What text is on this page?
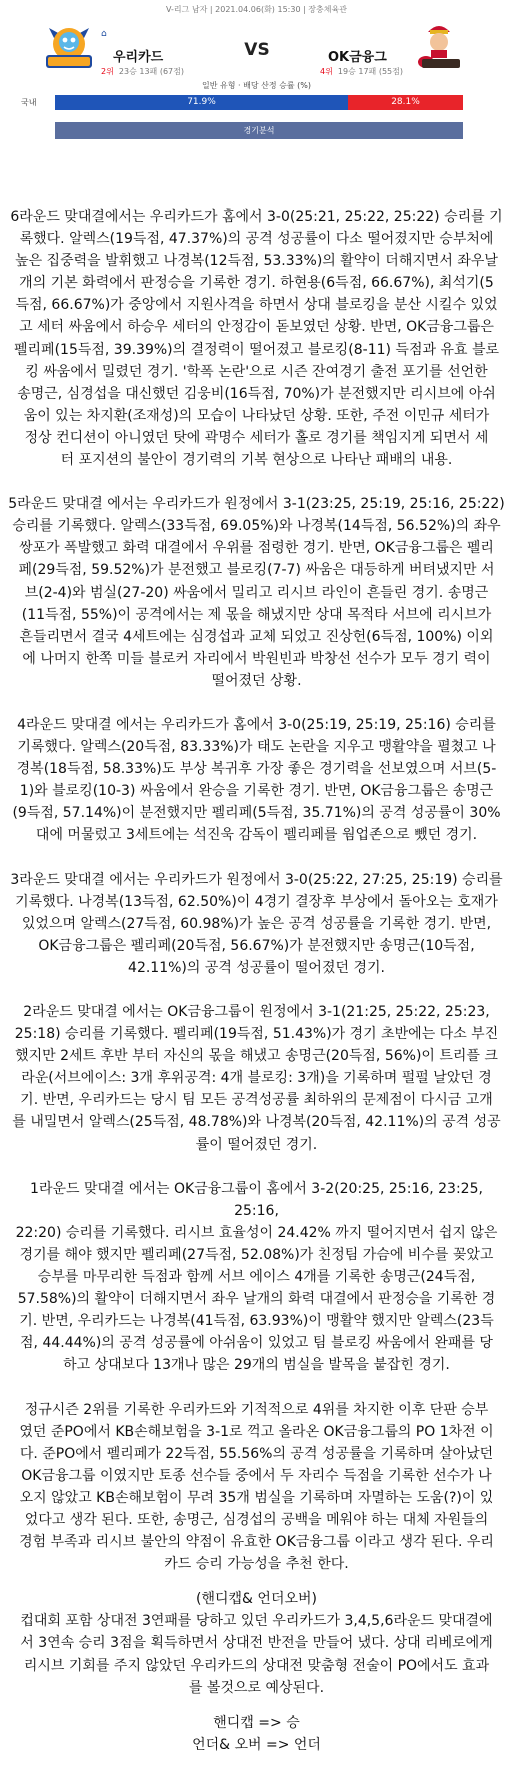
V-리그 남자 | 2021.04.06(화) 15:30 | 장충체육관
⌂
우리카드
2위 23승 13패 (67점)
VS	OK금융그
4위 19승 17패 (55점)
일반 유형 · 배당 산정 승률 (%)
국내	71.9%	28.1%
경기분석

6라운드 맞대결에서는 우리카드가 홈에서 3-0(25:21, 25:22, 25:22) 승리를 기
록했다. 알렉스(19득점, 47.37%)의 공격 성공률이 다소 떨어졌지만 승부처에
높은 집중력을 발휘했고 나경복(12득점, 53.33%)의 활약이 더해지면서 좌우날
개의 기본 화력에서 판정승을 기록한 경기. 하현용(6득점, 66.67%), 최석기(5
득점, 66.67%)가 중앙에서 지원사격을 하면서 상대 블로킹을 분산 시킬수 있었
고 세터 싸움에서 하승우 세터의 안정감이 돋보였던 상황. 반면, OK금융그룹은
펠리페(15득점, 39.39%)의 결정력이 떨어졌고 블로킹(8-11) 득점과 유효 블로
킹 싸움에서 밀렸던 경기. '학폭 논란'으로 시즌 잔여경기 출전 포기를 선언한
송명근, 심경섭을 대신했던 김웅비(16득점, 70%)가 분전했지만 리시브에 아쉬
움이 있는 차지환(조재성)의 모습이 나타났던 상황. 또한, 주전 이민규 세터가
정상 컨디션이 아니였던 탓에 곽명수 세터가 홀로 경기를 책임지게 되면서 세
터 포지션의 불안이 경기력의 기복 현상으로 나타난 패배의 내용.

5라운드 맞대결 에서는 우리카드가 원정에서 3-1(23:25, 25:19, 25:16, 25:22)
승리를 기록했다. 알렉스(33득점, 69.05%)와 나경복(14득점, 56.52%)의 좌우
쌍포가 폭발했고 화력 대결에서 우위를 점령한 경기. 반면, OK금융그룹은 펠리
페(29득점, 59.52%)가 분전했고 블로킹(7-7) 싸움은 대등하게 버텨냈지만 서
브(2-4)와 범실(27-20) 싸움에서 밀리고 리시브 라인이 흔들린 경기. 송명근
(11득점, 55%)이 공격에서는 제 몫을 해냈지만 상대 목적타 서브에 리시브가
흔들리면서 결국 4세트에는 심경섭과 교체 되었고 진상헌(6득점, 100%) 이외
에 나머지 한쪽 미들 블로커 자리에서 박원빈과 박창선 선수가 모두 경기 력이
떨어졌던 상황.

4라운드 맞대결 에서는 우리카드가 홈에서 3-0(25:19, 25:19, 25:16) 승리를
기록했다. 알렉스(20득점, 83.33%)가 태도 논란을 지우고 맹활약을 펼쳤고 나
경복(18득점, 58.33%)도 부상 복귀후 가장 좋은 경기력을 선보였으며 서브(5-
1)와 블로킹(10-3) 싸움에서 완승을 기록한 경기. 반면, OK금융그룹은 송명근
(9득점, 57.14%)이 분전했지만 펠리페(5득점, 35.71%)의 공격 성공률이 30%
대에 머물렀고 3세트에는 석진욱 감독이 펠리페를 웜업존으로 뺐던 경기.

3라운드 맞대결 에서는 우리카드가 원정에서 3-0(25:22, 27:25, 25:19) 승리를
기록했다. 나경복(13득점, 62.50%)이 4경기 결장후 부상에서 돌아오는 호재가
있었으며 알렉스(27득점, 60.98%)가 높은 공격 성공률을 기록한 경기. 반면,
OK금융그룹은 펠리페(20득점, 56.67%)가 분전했지만 송명근(10득점,
42.11%)의 공격 성공률이 떨어졌던 경기.

2라운드 맞대결 에서는 OK금융그룹이 원정에서 3-1(21:25, 25:22, 25:23,
25:18) 승리를 기록했다. 펠리페(19득점, 51.43%)가 경기 초반에는 다소 부진
했지만 2세트 후반 부터 자신의 몫을 해냈고 송명근(20득점, 56%)이 트리플 크
라운(서브에이스: 3개 후위공격: 4개 블로킹: 3개)을 기록하며 펄펄 날았던 경
기. 반면, 우리카드는 당시 팀 모든 공격성공률 최하위의 문제점이 다시금 고개
를 내밀면서 알렉스(25득점, 48.78%)와 나경복(20득점, 42.11%)의 공격 성공
률이 떨어졌던 경기.

1라운드 맞대결 에서는 OK금융그룹이 홈에서 3-2(20:25, 25:16, 23:25, 25:16,
22:20) 승리를 기록했다. 리시브 효율성이 24.42% 까지 떨어지면서 쉽지 않은
경기를 해야 했지만 펠리페(27득점, 52.08%)가 친정팀 가슴에 비수를 꽂았고
승부를 마무리한 득점과 함께 서브 에이스 4개를 기록한 송명근(24득점,
57.58%)의 활약이 더해지면서 좌우 날개의 화력 대결에서 판정승을 기록한 경
기. 반면, 우리카드는 나경복(41득점, 63.93%)이 맹활약 했지만 알렉스(23득
점, 44.44%)의 공격 성공률에 아쉬움이 있었고 팀 블로킹 싸움에서 완패를 당
하고 상대보다 13개나 많은 29개의 범실을 발목을 붙잡힌 경기.

정규시즌 2위를 기록한 우리카드와 기적적으로 4위를 차지한 이후 단판 승부
였던 준PO에서 KB손해보험을 3-1로 꺽고 올라온 OK금융그룹의 PO 1차전 이
다. 준PO에서 펠리페가 22득점, 55.56%의 공격 성공률을 기록하며 살아났던
OK금융그룹 이였지만 토종 선수들 중에서 두 자리수 득점을 기록한 선수가 나
오지 않았고 KB손해보험이 무려 35개 범실을 기록하며 자멸하는 도움(?)이 있
었다고 생각 된다. 또한, 송명근, 심경섭의 공백을 메워야 하는 대체 자원들의
경험 부족과 리시브 불안의 약점이 유효한 OK금융그룹 이라고 생각 된다. 우리
카드 승리 가능성을 추천 한다.

(핸디캡& 언더오버)
컵대회 포함 상대전 3연패를 당하고 있던 우리카드가 3,4,5,6라운드 맞대결에
서 3연속 승리 3점을 획득하면서 상대전 반전을 만들어 냈다. 상대 리베로에게
리시브 기회를 주지 않았던 우리카드의 상대전 맞춤형 전술이 PO에서도 효과
를 볼것으로 예상된다.

핸디캡 => 승
언더& 오버 => 언더
